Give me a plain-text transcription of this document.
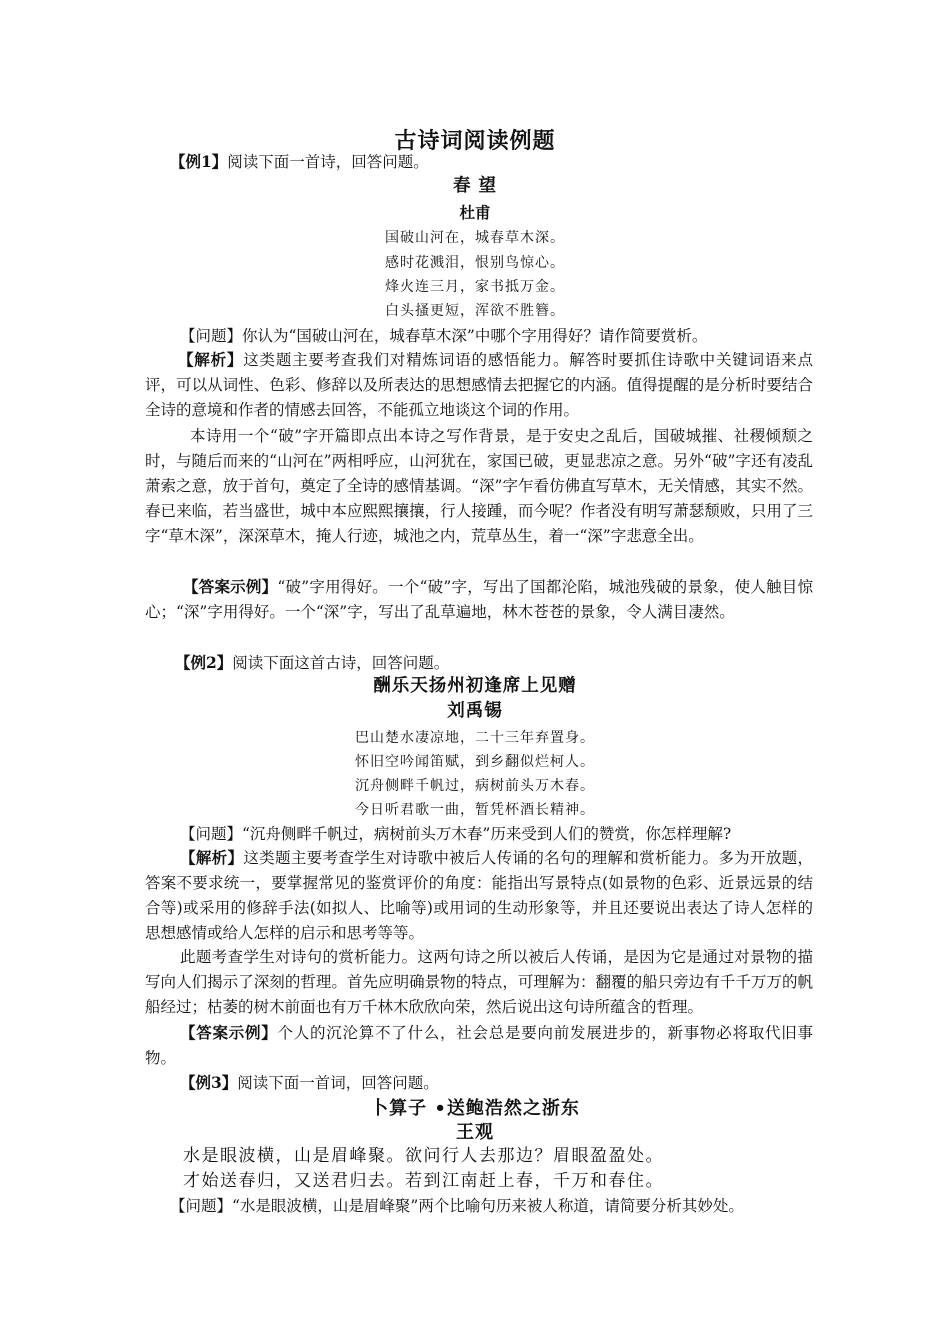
古诗词阅读例题
【例1】阅读下面一首诗，回答问题。
春 望
杜甫
国破山河在，城春草木深。
感时花溅泪，恨别鸟惊心。
烽火连三月，家书抵万金。
白头搔更短，浑欲不胜簪。
【问题】你认为“国破山河在，城春草木深”中哪个字用得好？请作简要赏析。
【解析】这类题主要考查我们对精炼词语的感悟能力。解答时要抓住诗歌中关键词语来点评，可以从词性、色彩、修辞以及所表达的思想感情去把握它的内涵。值得提醒的是分析时要结合全诗的意境和作者的情感去回答，不能孤立地谈这个词的作用。
本诗用一个“破”字开篇即点出本诗之写作背景，是于安史之乱后，国破城摧、社稷倾颓之时，与随后而来的“山河在”两相呼应，山河犹在，家国已破，更显悲凉之意。另外“破”字还有凌乱萧索之意，放于首句，奠定了全诗的感情基调。“深”字乍看仿佛直写草木，无关情感，其实不然。春已来临，若当盛世，城中本应熙熙攘攘，行人接踵，而今呢？作者没有明写萧瑟颓败，只用了三字“草木深”，深深草木，掩人行迹，城池之内，荒草丛生，着一“深”字悲意全出。
【答案示例】“破”字用得好。一个“破”字，写出了国都沦陷，城池残破的景象，使人触目惊心；“深”字用得好。一个“深”字，写出了乱草遍地，林木苍苍的景象，令人满目凄然。
【例2】阅读下面这首古诗，回答问题。
酬乐天扬州初逢席上见赠
刘禹锡
巴山楚水凄凉地，二十三年弃置身。
怀旧空吟闻笛赋，到乡翻似烂柯人。
沉舟侧畔千帆过，病树前头万木春。
今日听君歌一曲，暂凭杯酒长精神。
【问题】“沉舟侧畔千帆过，病树前头万木春”历来受到人们的赞赏，你怎样理解?
【解析】这类题主要考查学生对诗歌中被后人传诵的名句的理解和赏析能力。多为开放题，答案不要求统一，要掌握常见的鉴赏评价的角度：能指出写景特点(如景物的色彩、近景远景的结合等)或采用的修辞手法(如拟人、比喻等)或用词的生动形象等，并且还要说出表达了诗人怎样的思想感情或给人怎样的启示和思考等等。
此题考查学生对诗句的赏析能力。这两句诗之所以被后人传诵，是因为它是通过对景物的描写向人们揭示了深刻的哲理。首先应明确景物的特点，可理解为：翻覆的船只旁边有千千万万的帆船经过；枯萎的树木前面也有万千林木欣欣向荣，然后说出这句诗所蕴含的哲理。
【答案示例】个人的沉沦算不了什么，社会总是要向前发展进步的，新事物必将取代旧事物。
【例3】阅读下面一首词，回答问题。
卜算子 •送鲍浩然之浙东
王观
水是眼波横，山是眉峰聚。欲问行人去那边？眉眼盈盈处。
才始送春归，又送君归去。若到江南赶上春，千万和春住。
【问题】“水是眼波横，山是眉峰聚”两个比喻句历来被人称道，请简要分析其妙处。
